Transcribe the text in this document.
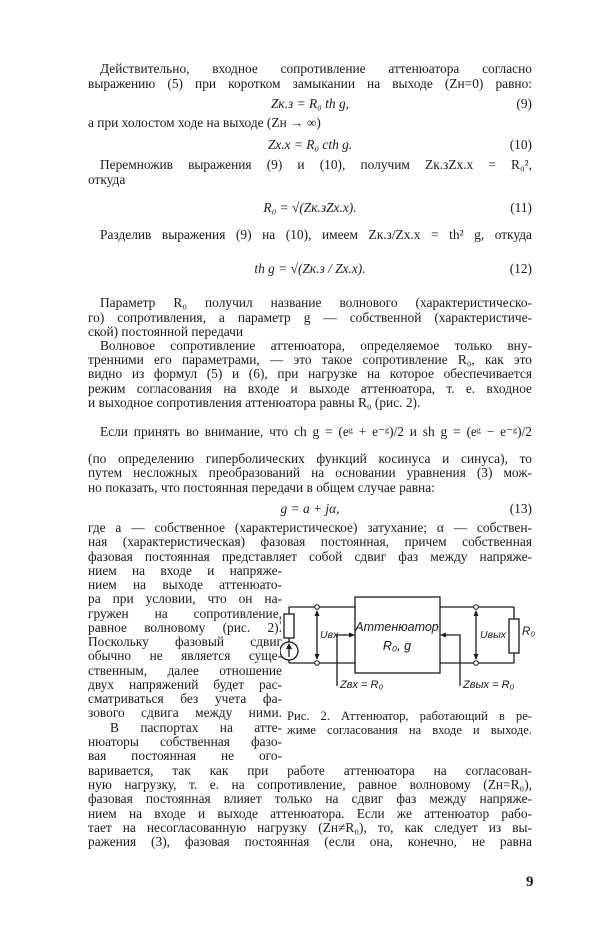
Действительно, входное сопротивление аттенюатора согласно
выражению (5) при коротком замыкании на выходе (Zн=0) равно:
Zк.з = R₀ th g,	(9)
а при холостом ходе на выходе (Zн → ∞)
Zх.х = R₀ cth g.	(10)
Перемножив выражения (9) и (10), получим Zк.зZх.х = R₀²,
откуда
R₀ = √(Zк.зZх.х).	(11)
Разделив выражения (9) на (10), имеем Zк.з/Zх.х = th² g, откуда
th g = √(Zк.з / Zх.х).	(12)
Параметр R₀ получил название волнового (характеристическо-
го) сопротивления, а параметр g — собственной (характеристиче-
ской) постоянной передачи
Волновое сопротивление аттенюатора, определяемое только вну-
тренними его параметрами, — это такое сопротивление R₀, как это
видно из формул (5) и (6), при нагрузке на которое обеспечивается
режим согласования на входе и выходе аттенюатора, т. е. входное
и выходное сопротивления аттенюатора равны R₀ (рис. 2).
Если принять во внимание, что ch g = (eᵍ + e⁻ᵍ)/2 и sh g = (eᵍ − e⁻ᵍ)/2
(по определению гиперболических функций косинуса и синуса), то
путем несложных преобразований на основании уравнения (3) мож-
но показать, что постоянная передачи в общем случае равна:
g = a + jα,	(13)
где a — собственное (характеристическое) затухание; α — собствен-
ная (характеристическая) фазовая постоянная, причем собственная
фазовая постоянная представляет собой сдвиг фаз между напряже-
нием на входе и напряже-
нием на выходе аттенюато-
ра при условии, что он на-
гружен на сопротивление,
равное волновому (рис. 2).
Поскольку фазовый сдвиг
обычно не является суще-
ственным, далее отношение
двух напряжений будет рас-
сматриваться без учета фа-
зового сдвига между ними.
В паспортах на атте-
нюаторы собственная фазо-
вая постоянная не ого-
варивается, так как при работе аттенюатора на согласован-
ную нагрузку, т. е. на сопротивление, равное волновому (Zн=R₀),
фазовая постоянная влияет только на сдвиг фаз между напряже-
нием на входе и выходе аттенюатора. Если же аттенюатор рабо-
тает на несогласованную нагрузку (Zн≠R₀), то, как следует из вы-
ражения (3), фазовая постоянная (если она, конечно, не равна
Аттенюатор
R₀, g
R₀
Uвх	Uвых
Zвх = R₀	Zвых = R₀
Рис. 2. Аттенюатор, работающий в ре-
жиме согласования на входе и выходе.
9
